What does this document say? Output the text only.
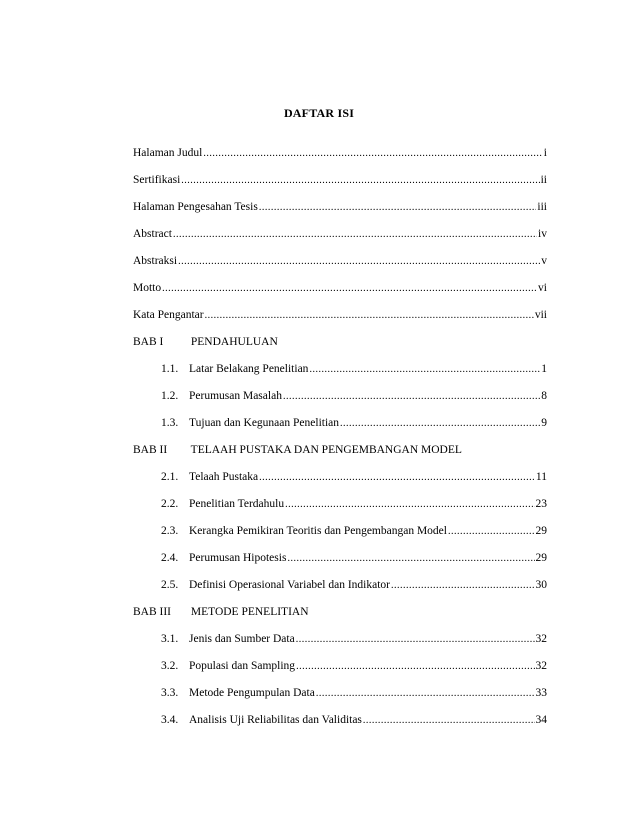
DAFTAR ISI
Halaman Judul .....	i
Sertifikasi .....	ii
Halaman Pengesahan Tesis .....	iii
Abstract .....	iv
Abstraksi .....	v
Motto .....	vi
Kata Pengantar .....	vii
BAB I PENDAHULUAN
1.1. Latar Belakang Penelitian .....	1
1.2. Perumusan Masalah .....	8
1.3. Tujuan dan Kegunaan Penelitian .....	9
BAB II TELAAH PUSTAKA DAN PENGEMBANGAN MODEL
2.1. Telaah Pustaka .....	11
2.2. Penelitian Terdahulu .....	23
2.3. Kerangka Pemikiran Teoritis dan Pengembangan Model .....	29
2.4. Perumusan Hipotesis .....	29
2.5. Definisi Operasional Variabel dan Indikator .....	30
BAB III METODE PENELITIAN
3.1. Jenis dan Sumber Data .....	32
3.2. Populasi dan Sampling .....	32
3.3. Metode Pengumpulan Data .....	33
3.4. Analisis Uji Reliabilitas dan Validitas .....	34
